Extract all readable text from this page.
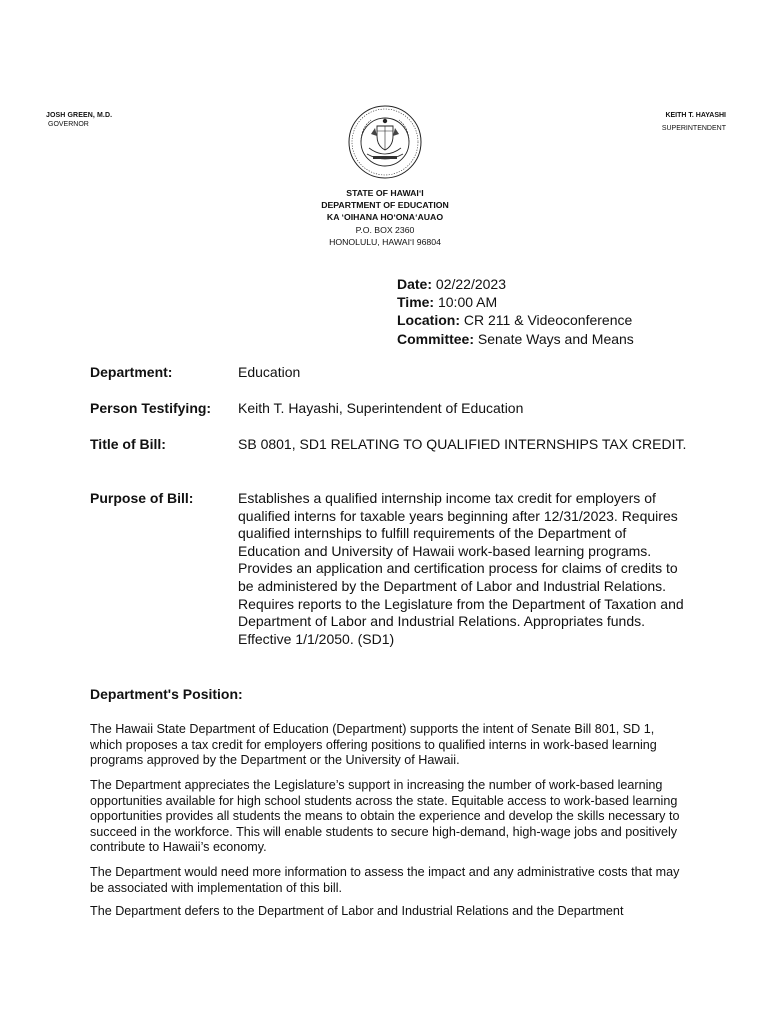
JOSH GREEN, M.D.
GOVERNOR
KEITH T. HAYASHI
SUPERINTENDENT
STATE OF HAWAIʻI
DEPARTMENT OF EDUCATION
KA ʻOIHANA HOʻONAʻAUAO
P.O. BOX 2360
HONOLULU, HAWAIʻI 96804
Date: 02/22/2023
Time: 10:00 AM
Location: CR 211 & Videoconference
Committee: Senate Ways and Means
Department:	Education
Person Testifying: Keith T. Hayashi, Superintendent of Education
Title of Bill:	SB 0801, SD1 RELATING TO QUALIFIED INTERNSHIPS TAX CREDIT.
Purpose of Bill:	Establishes a qualified internship income tax credit for employers of qualified interns for taxable years beginning after 12/31/2023. Requires qualified internships to fulfill requirements of the Department of Education and University of Hawaii work-based learning programs. Provides an application and certification process for claims of credits to be administered by the Department of Labor and Industrial Relations. Requires reports to the Legislature from the Department of Taxation and Department of Labor and Industrial Relations. Appropriates funds. Effective 1/1/2050. (SD1)
Department's Position:
The Hawaii State Department of Education (Department) supports the intent of Senate Bill 801, SD 1, which proposes a tax credit for employers offering positions to qualified interns in work-based learning programs approved by the Department or the University of Hawaii.
The Department appreciates the Legislature’s support in increasing the number of work-based learning opportunities available for high school students across the state. Equitable access to work-based learning opportunities provides all students the means to obtain the experience and develop the skills necessary to succeed in the workforce. This will enable students to secure high-demand, high-wage jobs and positively contribute to Hawaii’s economy.
The Department would need more information to assess the impact and any administrative costs that may be associated with implementation of this bill.
The Department defers to the Department of Labor and Industrial Relations and the Department
